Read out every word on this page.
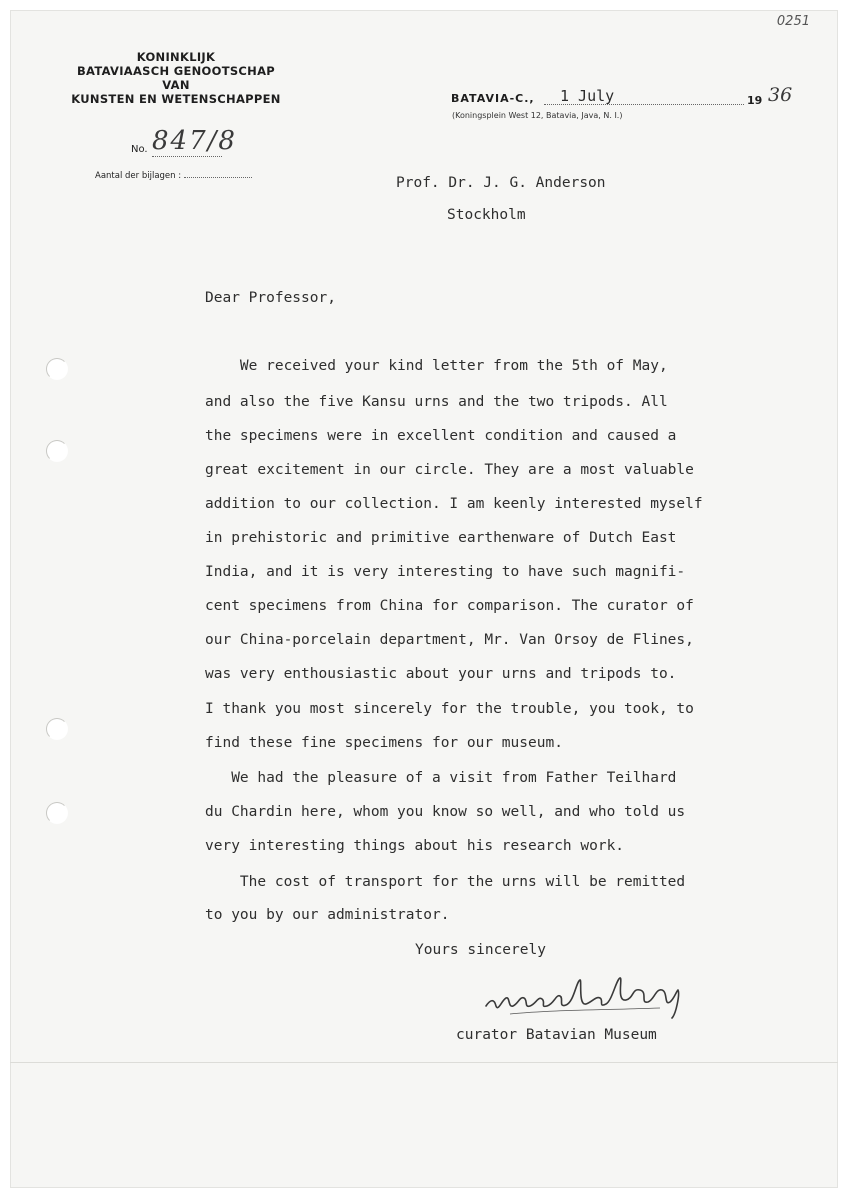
0251
KONINKLIJK
BATAVIAASCH GENOOTSCHAP
VAN
KUNSTEN EN WETENSCHAPPEN
No. 847/8
Aantal der bijlagen :
BATAVIA-C., 1 July	19 36
(Koningsplein West 12, Batavia, Java, N. I.)
Prof. Dr. J. G. Anderson
Stockholm
Dear Professor,
We received your kind letter from the 5th of May,
and also the five Kansu urns and the two tripods. All
the specimens were in excellent condition and caused a
great excitement in our circle. They are a most valuable
addition to our collection. I am keenly interested myself
in prehistoric and primitive earthenware of Dutch East
India, and it is very interesting to have such magnifi-
cent specimens from China for comparison. The curator of
our China-porcelain department, Mr. Van Orsoy de Flines,
was very enthousiastic about your urns and tripods to.
I thank you most sincerely for the trouble, you took, to
find these fine specimens for our museum.
We had the pleasure of a visit from Father Teilhard
du Chardin here, whom you know so well, and who told us
very interesting things about his research work.
The cost of transport for the urns will be remitted
to you by our administrator.
Yours sincerely
curator Batavian Museum
